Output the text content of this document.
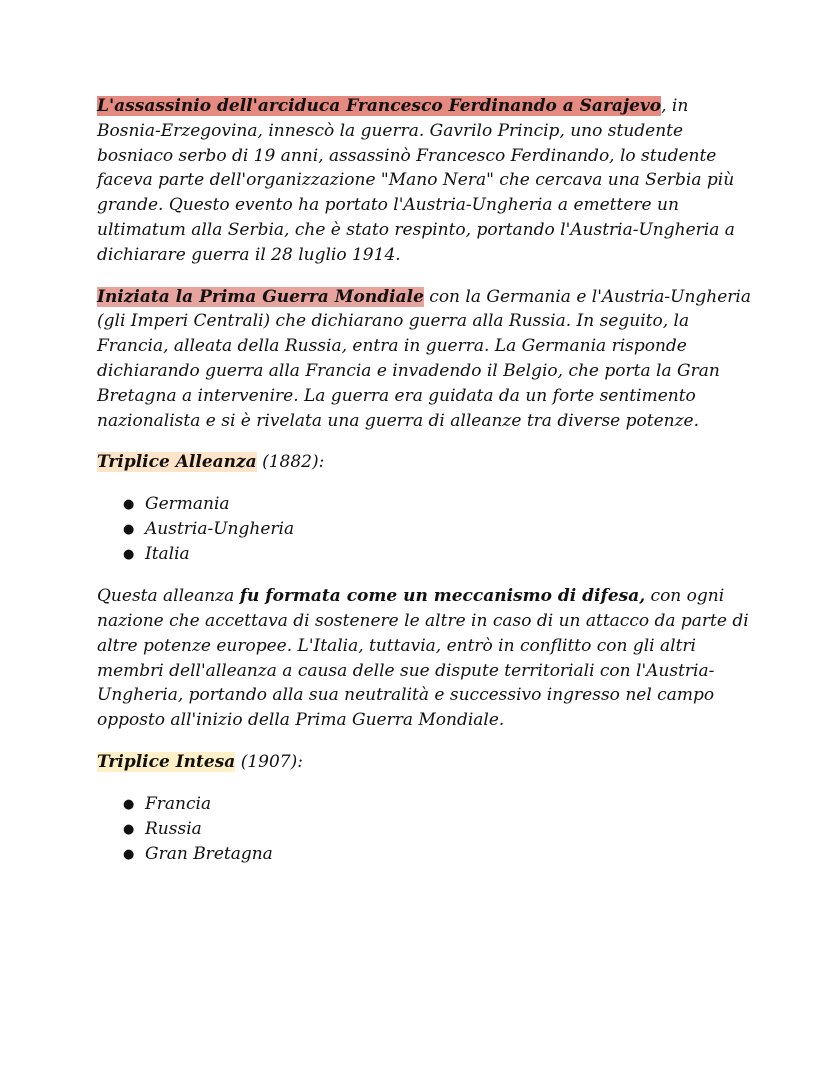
L'assassinio dell'arciduca Francesco Ferdinando a Sarajevo, in Bosnia-Erzegovina, innescò la guerra. Gavrilo Princip, uno studente bosniaco serbo di 19 anni, assassinò Francesco Ferdinando, lo studente faceva parte dell'organizzazione "Mano Nera" che cercava una Serbia più grande. Questo evento ha portato l'Austria-Ungheria a emettere un ultimatum alla Serbia, che è stato respinto, portando l'Austria-Ungheria a dichiarare guerra il 28 luglio 1914.

Iniziata la Prima Guerra Mondiale con la Germania e l'Austria-Ungheria (gli Imperi Centrali) che dichiarano guerra alla Russia. In seguito, la Francia, alleata della Russia, entra in guerra. La Germania risponde dichiarando guerra alla Francia e invadendo il Belgio, che porta la Gran Bretagna a intervenire. La guerra era guidata da un forte sentimento nazionalista e si è rivelata una guerra di alleanze tra diverse potenze.

Triplice Alleanza (1882):

● Germania
● Austria-Ungheria
● Italia

Questa alleanza fu formata come un meccanismo di difesa, con ogni nazione che accettava di sostenere le altre in caso di un attacco da parte di altre potenze europee. L'Italia, tuttavia, entrò in conflitto con gli altri membri dell'alleanza a causa delle sue dispute territoriali con l'Austria-Ungheria, portando alla sua neutralità e successivo ingresso nel campo opposto all'inizio della Prima Guerra Mondiale.

Triplice Intesa (1907):

● Francia
● Russia
● Gran Bretagna
